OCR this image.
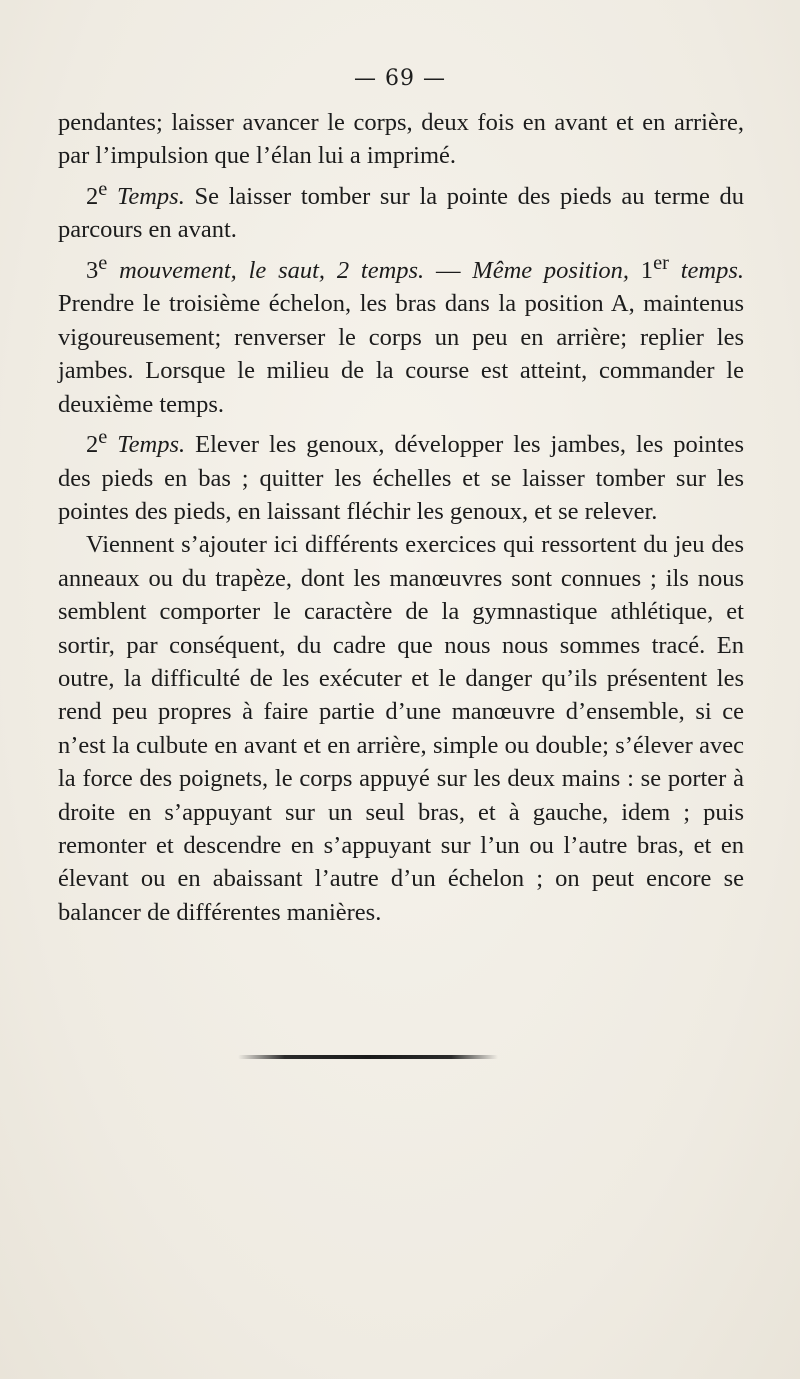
— 69 —

pendantes; laisser avancer le corps, deux fois en avant et en arrière, par l’impulsion que l’élan lui a imprimé.

2e Temps. Se laisser tomber sur la pointe des pieds au terme du parcours en avant.

3e mouvement, le saut, 2 temps. — Même position, 1er temps. Prendre le troisième échelon, les bras dans la position A, maintenus vigoureusement; renverser le corps un peu en arrière; replier les jambes. Lorsque le milieu de la course est atteint, commander le deuxième temps.

2e Temps. Elever les genoux, développer les jambes, les pointes des pieds en bas ; quitter les échelles et se laisser tomber sur les pointes des pieds, en laissant fléchir les genoux, et se relever.

Viennent s’ajouter ici différents exercices qui ressortent du jeu des anneaux ou du trapèze, dont les manœuvres sont connues ; ils nous semblent comporter le caractère de la gymnastique athlétique, et sortir, par conséquent, du cadre que nous nous sommes tracé. En outre, la difficulté de les exécuter et le danger qu’ils présentent les rend peu propres à faire partie d’une manœuvre d’ensemble, si ce n’est la culbute en avant et en arrière, simple ou double; s’élever avec la force des poignets, le corps appuyé sur les deux mains : se porter à droite en s’appuyant sur un seul bras, et à gauche, idem ; puis remonter et descendre en s’appuyant sur l’un ou l’autre bras, et en élevant ou en abaissant l’autre d’un échelon ; on peut encore se balancer de différentes manières.
